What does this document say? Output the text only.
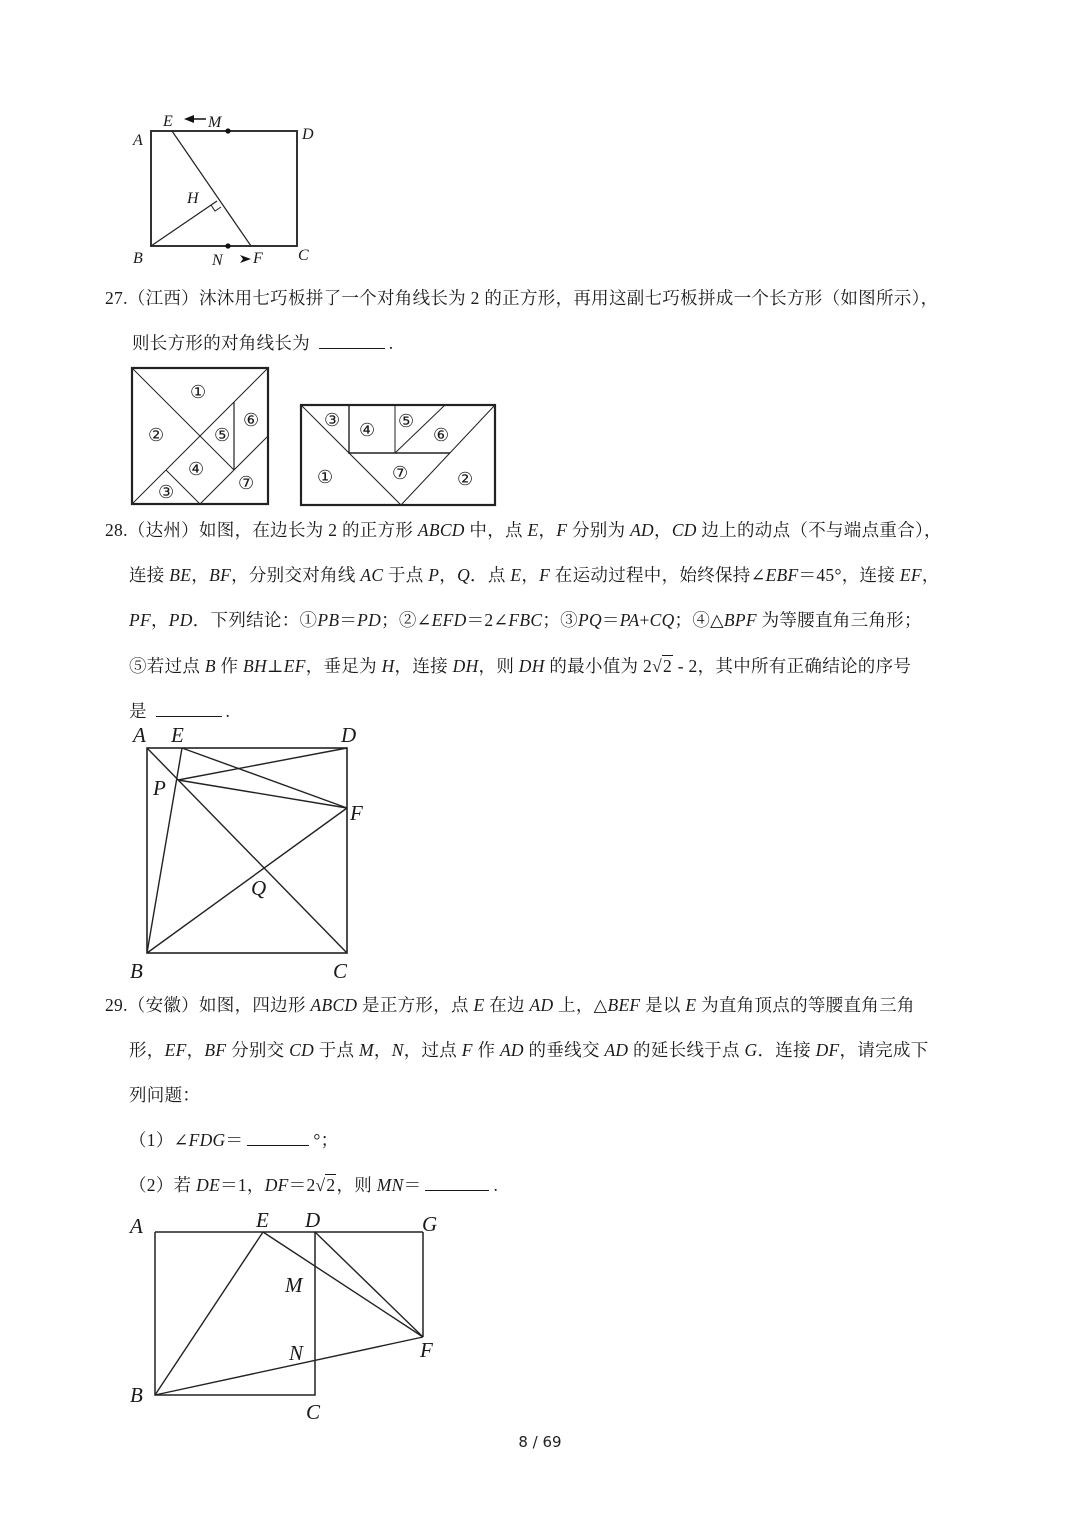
A
B	C
D
E
F
H
M
N
27.（江西）沐沐用七巧板拼了一个对角线长为 2 的正方形，再用这副七巧板拼成一个长方形（如图所示），
则长方形的对角线长为	.
①
②
③
④
⑤
⑥
⑦	①	②
③ ④ ⑤
⑥
⑦
28.（达州）如图，在边长为 2 的正方形 ABCD 中，点 E，F 分别为 AD，CD 边上的动点（不与端点重合），
连接 BE，BF，分别交对角线 AC 于点 P，Q．点 E，F 在运动过程中，始终保持∠EBF＝45°，连接 EF，
PF，PD．下列结论：①PB＝PD；②∠EFD＝2∠FBC；③PQ＝PA+CQ；④△BPF 为等腰直角三角形；
⑤若过点 B 作 BH⊥EF，垂足为 H，连接 DH，则 DH 的最小值为 2√2 - 2，其中所有正确结论的序号
是	.
A E	D
P
F
Q
B	C
29.（安徽）如图，四边形 ABCD 是正方形，点 E 在边 AD 上，△BEF 是以 E 为直角顶点的等腰直角三角
形，EF，BF 分别交 CD 于点 M，N，过点 F 作 AD 的垂线交 AD 的延长线于点 G．连接 DF，请完成下
列问题：
（1）∠FDG＝	°；
（2）若 DE＝1，DF＝2√2，则 MN＝	.
A	E D	G
M
N	F
B
C
8 / 69
